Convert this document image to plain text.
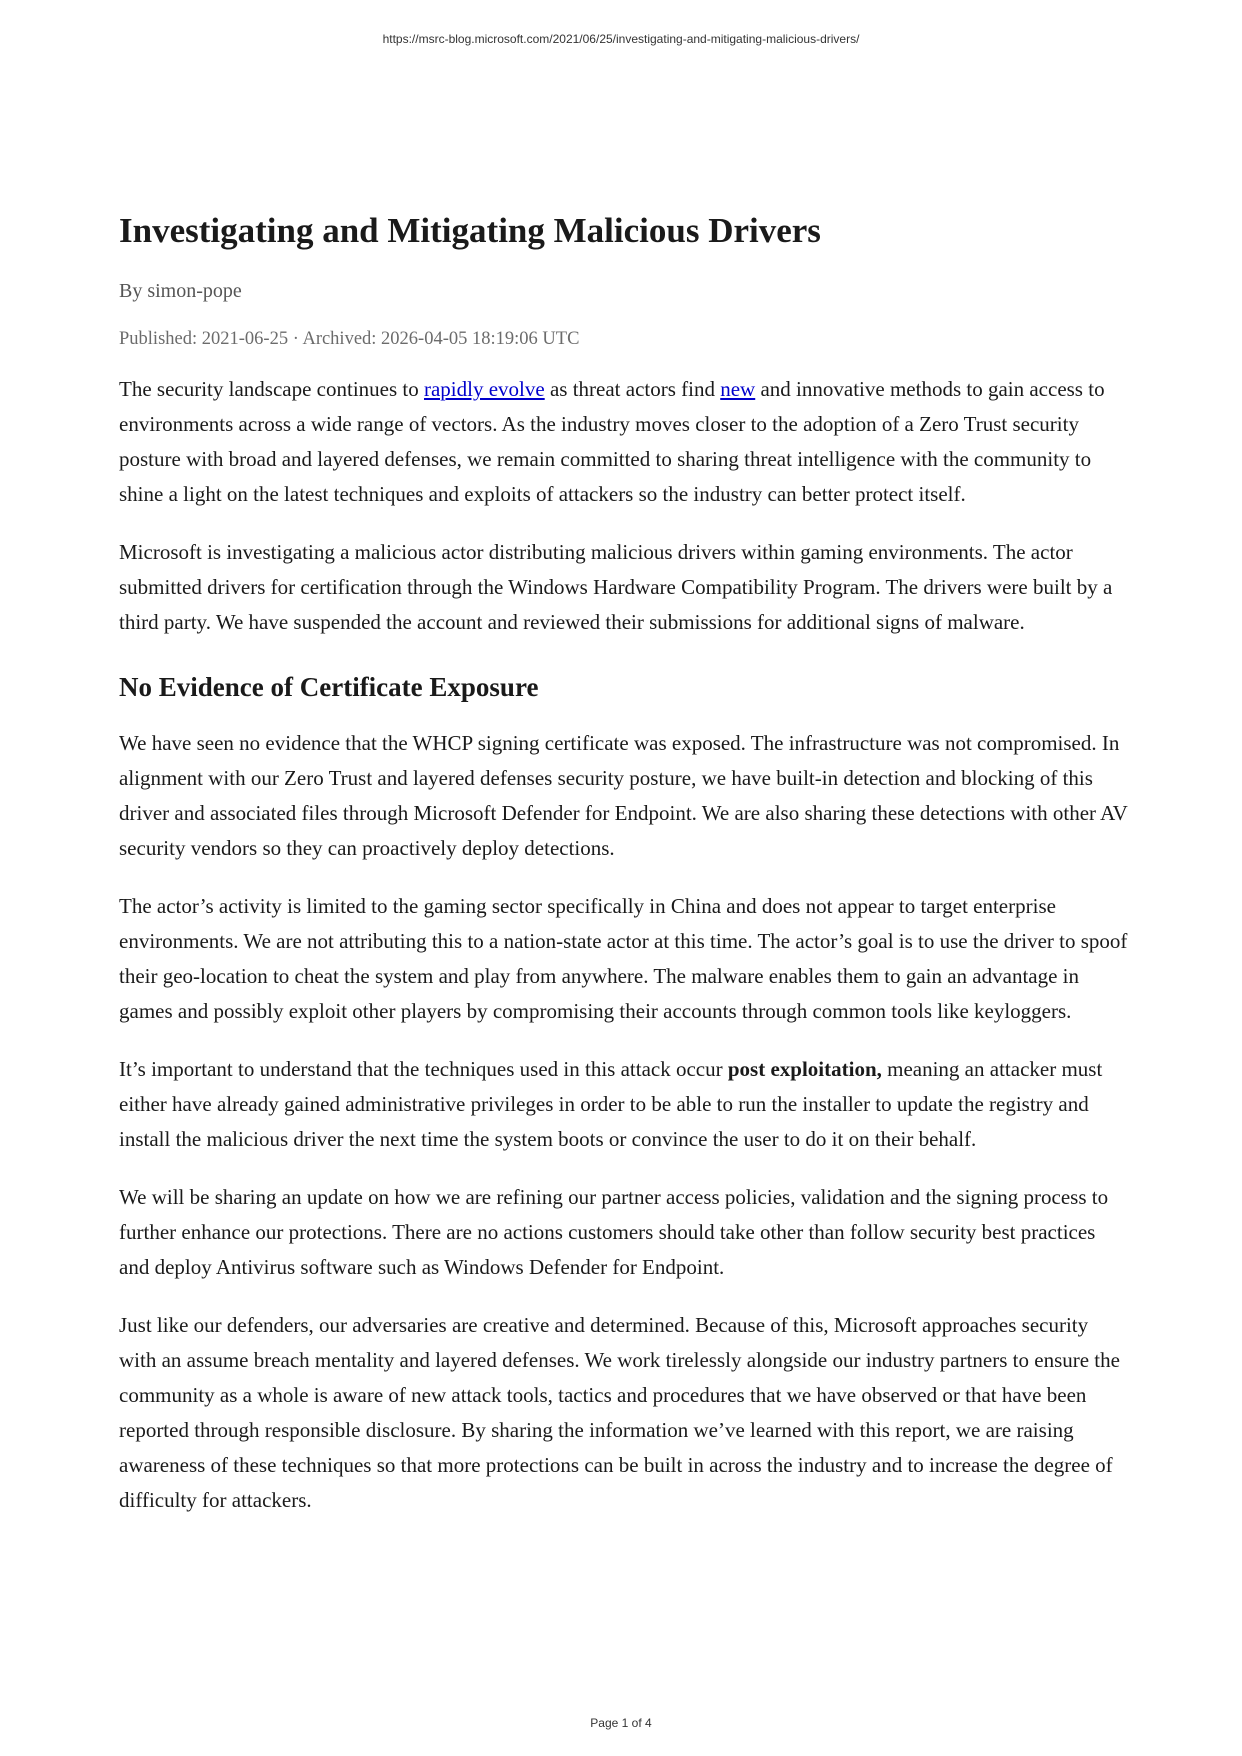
https://msrc-blog.microsoft.com/2021/06/25/investigating-and-mitigating-malicious-drivers/
Investigating and Mitigating Malicious Drivers
By simon-pope
Published: 2021-06-25 · Archived: 2026-04-05 18:19:06 UTC

The security landscape continues to rapidly evolve as threat actors find new and innovative methods to gain access to environments across a wide range of vectors. As the industry moves closer to the adoption of a Zero Trust security posture with broad and layered defenses, we remain committed to sharing threat intelligence with the community to shine a light on the latest techniques and exploits of attackers so the industry can better protect itself.

Microsoft is investigating a malicious actor distributing malicious drivers within gaming environments. The actor submitted drivers for certification through the Windows Hardware Compatibility Program. The drivers were built by a third party. We have suspended the account and reviewed their submissions for additional signs of malware.

No Evidence of Certificate Exposure

We have seen no evidence that the WHCP signing certificate was exposed. The infrastructure was not compromised. In alignment with our Zero Trust and layered defenses security posture, we have built-in detection and blocking of this driver and associated files through Microsoft Defender for Endpoint. We are also sharing these detections with other AV security vendors so they can proactively deploy detections.

The actor’s activity is limited to the gaming sector specifically in China and does not appear to target enterprise environments. We are not attributing this to a nation-state actor at this time. The actor’s goal is to use the driver to spoof their geo-location to cheat the system and play from anywhere. The malware enables them to gain an advantage in games and possibly exploit other players by compromising their accounts through common tools like keyloggers.

It’s important to understand that the techniques used in this attack occur post exploitation, meaning an attacker must either have already gained administrative privileges in order to be able to run the installer to update the registry and install the malicious driver the next time the system boots or convince the user to do it on their behalf.

We will be sharing an update on how we are refining our partner access policies, validation and the signing process to further enhance our protections. There are no actions customers should take other than follow security best practices and deploy Antivirus software such as Windows Defender for Endpoint.

Just like our defenders, our adversaries are creative and determined. Because of this, Microsoft approaches security with an assume breach mentality and layered defenses. We work tirelessly alongside our industry partners to ensure the community as a whole is aware of new attack tools, tactics and procedures that we have observed or that have been reported through responsible disclosure. By sharing the information we’ve learned with this report, we are raising awareness of these techniques so that more protections can be built in across the industry and to increase the degree of difficulty for attackers.

Page 1 of 4
